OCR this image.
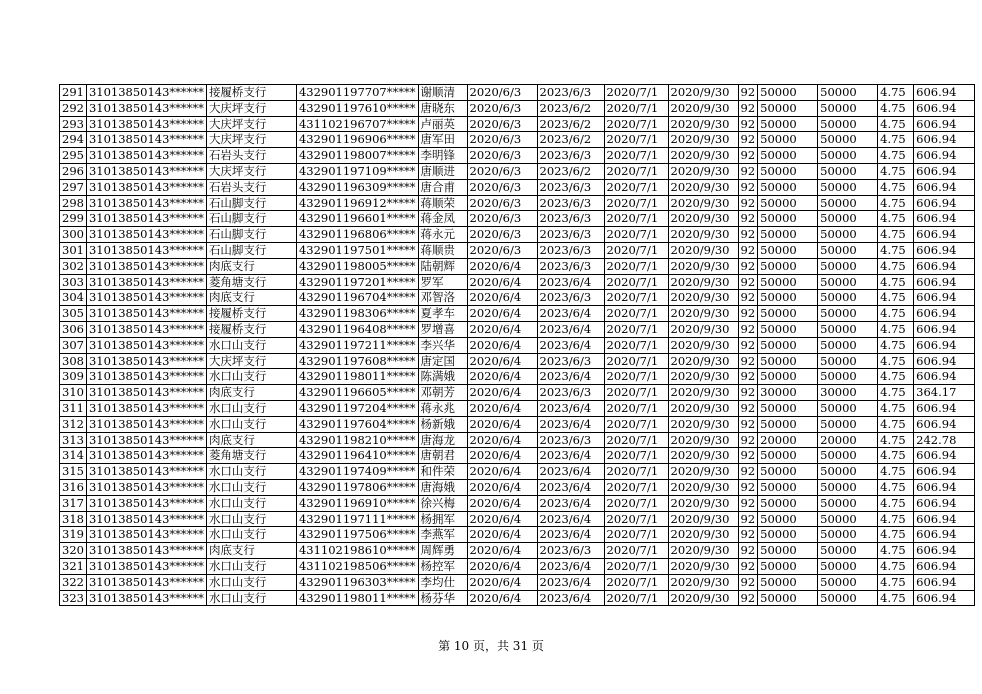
291	31013850143******	接履桥支行	432901197707*****	谢顺清	2020/6/3	2023/6/3	2020/7/1	2020/9/30	92	50000	50000	4.75	606.94
292	31013850143******	大庆坪支行	432901197610*****	唐晓东	2020/6/3	2023/6/2	2020/7/1	2020/9/30	92	50000	50000	4.75	606.94
293	31013850143******	大庆坪支行	431102196707*****	卢丽英	2020/6/3	2023/6/2	2020/7/1	2020/9/30	92	50000	50000	4.75	606.94
294	31013850143******	大庆坪支行	432901196906*****	唐军田	2020/6/3	2023/6/2	2020/7/1	2020/9/30	92	50000	50000	4.75	606.94
295	31013850143******	石岩头支行	432901198007*****	李明锋	2020/6/3	2023/6/3	2020/7/1	2020/9/30	92	50000	50000	4.75	606.94
296	31013850143******	大庆坪支行	432901197109*****	唐顺进	2020/6/3	2023/6/2	2020/7/1	2020/9/30	92	50000	50000	4.75	606.94
297	31013850143******	石岩头支行	432901196309*****	唐合甫	2020/6/3	2023/6/3	2020/7/1	2020/9/30	92	50000	50000	4.75	606.94
298	31013850143******	石山脚支行	432901196912*****	蒋顺荣	2020/6/3	2023/6/3	2020/7/1	2020/9/30	92	50000	50000	4.75	606.94
299	31013850143******	石山脚支行	432901196601*****	蒋金凤	2020/6/3	2023/6/3	2020/7/1	2020/9/30	92	50000	50000	4.75	606.94
300	31013850143******	石山脚支行	432901196806*****	蒋永元	2020/6/3	2023/6/3	2020/7/1	2020/9/30	92	50000	50000	4.75	606.94
301	31013850143******	石山脚支行	432901197501*****	蒋顺贵	2020/6/3	2023/6/3	2020/7/1	2020/9/30	92	50000	50000	4.75	606.94
302	31013850143******	肉底支行	432901198005*****	陆朝辉	2020/6/4	2023/6/3	2020/7/1	2020/9/30	92	50000	50000	4.75	606.94
303	31013850143******	菱角塘支行	432901197201*****	罗军	2020/6/4	2023/6/4	2020/7/1	2020/9/30	92	50000	50000	4.75	606.94
304	31013850143******	肉底支行	432901196704*****	邓智洛	2020/6/4	2023/6/3	2020/7/1	2020/9/30	92	50000	50000	4.75	606.94
305	31013850143******	接履桥支行	432901198306*****	夏孝车	2020/6/4	2023/6/4	2020/7/1	2020/9/30	92	50000	50000	4.75	606.94
306	31013850143******	接履桥支行	432901196408*****	罗增喜	2020/6/4	2023/6/4	2020/7/1	2020/9/30	92	50000	50000	4.75	606.94
307	31013850143******	水口山支行	432901197211*****	李兴华	2020/6/4	2023/6/4	2020/7/1	2020/9/30	92	50000	50000	4.75	606.94
308	31013850143******	大庆坪支行	432901197608*****	唐定国	2020/6/4	2023/6/3	2020/7/1	2020/9/30	92	50000	50000	4.75	606.94
309	31013850143******	水口山支行	432901198011*****	陈满娥	2020/6/4	2023/6/4	2020/7/1	2020/9/30	92	50000	50000	4.75	606.94
310	31013850143******	肉底支行	432901196605*****	邓朝芳	2020/6/4	2023/6/3	2020/7/1	2020/9/30	92	30000	30000	4.75	364.17
311	31013850143******	水口山支行	432901197204*****	蒋永兆	2020/6/4	2023/6/4	2020/7/1	2020/9/30	92	50000	50000	4.75	606.94
312	31013850143******	水口山支行	432901197604*****	杨新娥	2020/6/4	2023/6/4	2020/7/1	2020/9/30	92	50000	50000	4.75	606.94
313	31013850143******	肉底支行	432901198210*****	唐海龙	2020/6/4	2023/6/3	2020/7/1	2020/9/30	92	20000	20000	4.75	242.78
314	31013850143******	菱角塘支行	432901196410*****	唐朝君	2020/6/4	2023/6/4	2020/7/1	2020/9/30	92	50000	50000	4.75	606.94
315	31013850143******	水口山支行	432901197409*****	和件荣	2020/6/4	2023/6/4	2020/7/1	2020/9/30	92	50000	50000	4.75	606.94
316	31013850143******	水口山支行	432901197806*****	唐海娥	2020/6/4	2023/6/4	2020/7/1	2020/9/30	92	50000	50000	4.75	606.94
317	31013850143******	水口山支行	432901196910*****	徐兴梅	2020/6/4	2023/6/4	2020/7/1	2020/9/30	92	50000	50000	4.75	606.94
318	31013850143******	水口山支行	432901197111*****	杨拥军	2020/6/4	2023/6/4	2020/7/1	2020/9/30	92	50000	50000	4.75	606.94
319	31013850143******	水口山支行	432901197506*****	李燕军	2020/6/4	2023/6/4	2020/7/1	2020/9/30	92	50000	50000	4.75	606.94
320	31013850143******	肉底支行	431102198610*****	周辉勇	2020/6/4	2023/6/3	2020/7/1	2020/9/30	92	50000	50000	4.75	606.94
321	31013850143******	水口山支行	431102198506*****	杨控军	2020/6/4	2023/6/4	2020/7/1	2020/9/30	92	50000	50000	4.75	606.94
322	31013850143******	水口山支行	432901196303*****	李均仕	2020/6/4	2023/6/4	2020/7/1	2020/9/30	92	50000	50000	4.75	606.94
323	31013850143******	水口山支行	432901198011*****	杨芬华	2020/6/4	2023/6/4	2020/7/1	2020/9/30	92	50000	50000	4.75	606.94
第 10 页，共 31 页
